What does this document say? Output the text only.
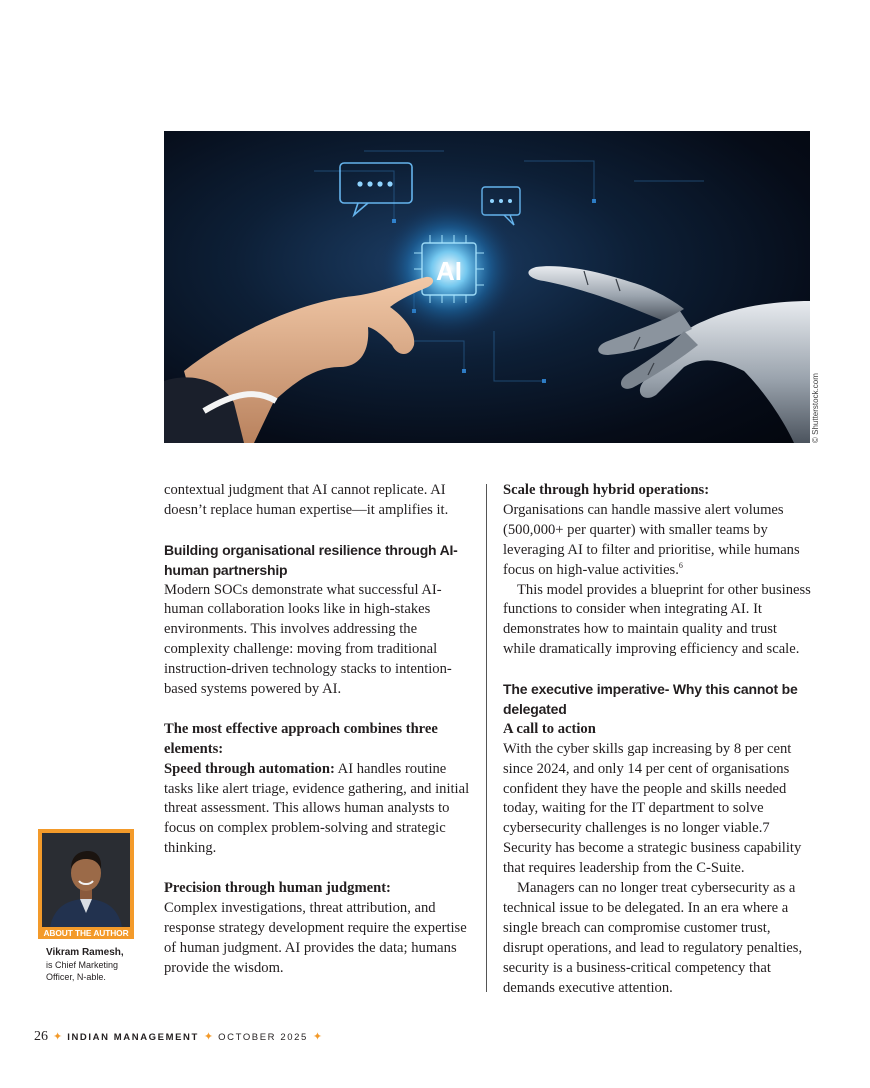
AI
© Shutterstock.com

contextual judgment that AI cannot replicate. AI doesn’t replace human expertise—it amplifies it.

Building organisational resilience through AI-human partnership

Modern SOCs demonstrate what successful AI-human collaboration looks like in high-stakes environments. This involves addressing the complexity challenge: moving from traditional instruction-driven technology stacks to intention-based systems powered by AI.

The most effective approach combines three elements:

Speed through automation: AI handles routine tasks like alert triage, evidence gathering, and initial threat assessment. This allows human analysts to focus on complex problem-solving and strategic thinking.

Precision through human judgment:

Complex investigations, threat attribution, and response strategy development require the expertise of human judgment. AI provides the data; humans provide the wisdom.

Scale through hybrid operations:

Organisations can handle massive alert volumes (500,000+ per quarter) with smaller teams by leveraging AI to filter and prioritise, while humans focus on high-value activities.$^6$

This model provides a blueprint for other business functions to consider when integrating AI. It demonstrates how to maintain quality and trust while dramatically improving efficiency and scale.

The executive imperative- Why this cannot be delegated

A call to action

With the cyber skills gap increasing by 8 per cent since 2024, and only 14 per cent of organisations confident they have the people and skills needed today, waiting for the IT department to solve cybersecurity challenges is no longer viable.7 Security has become a strategic business capability that requires leadership from the C-Suite.

Managers can no longer treat cybersecurity as a technical issue to be delegated. In an era where a single breach can compromise customer trust, disrupt operations, and lead to regulatory penalties, security is a business-critical competency that demands executive attention.

ABOUT THE AUTHOR
Vikram Ramesh,
is Chief Marketing Officer, N-able.
26 ✦ INDIAN MANAGEMENT ✦ OCTOBER 2025 ✦
